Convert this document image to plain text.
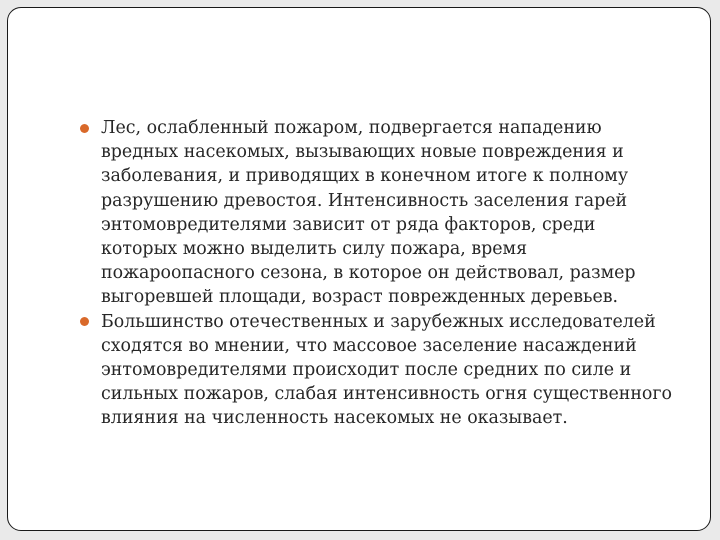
Лес, ослабленный пожаром, подвергается нападению вредных насекомых, вызывающих новые повреждения и заболевания, и приводящих в конечном итоге к полному разрушению древостоя. Интенсивность заселения гарей энтомовредителями зависит от ряда факторов, среди которых можно выделить силу пожара, время пожароопасного сезона, в которое он действовал, размер выгоревшей площади, возраст поврежденных деревьев.
Большинство отечественных и зарубежных исследователей сходятся во мнении, что массовое заселение насаждений энтомовредителями происходит после средних по силе и сильных пожаров, слабая интенсивность огня существенного влияния на численность насекомых не оказывает.
